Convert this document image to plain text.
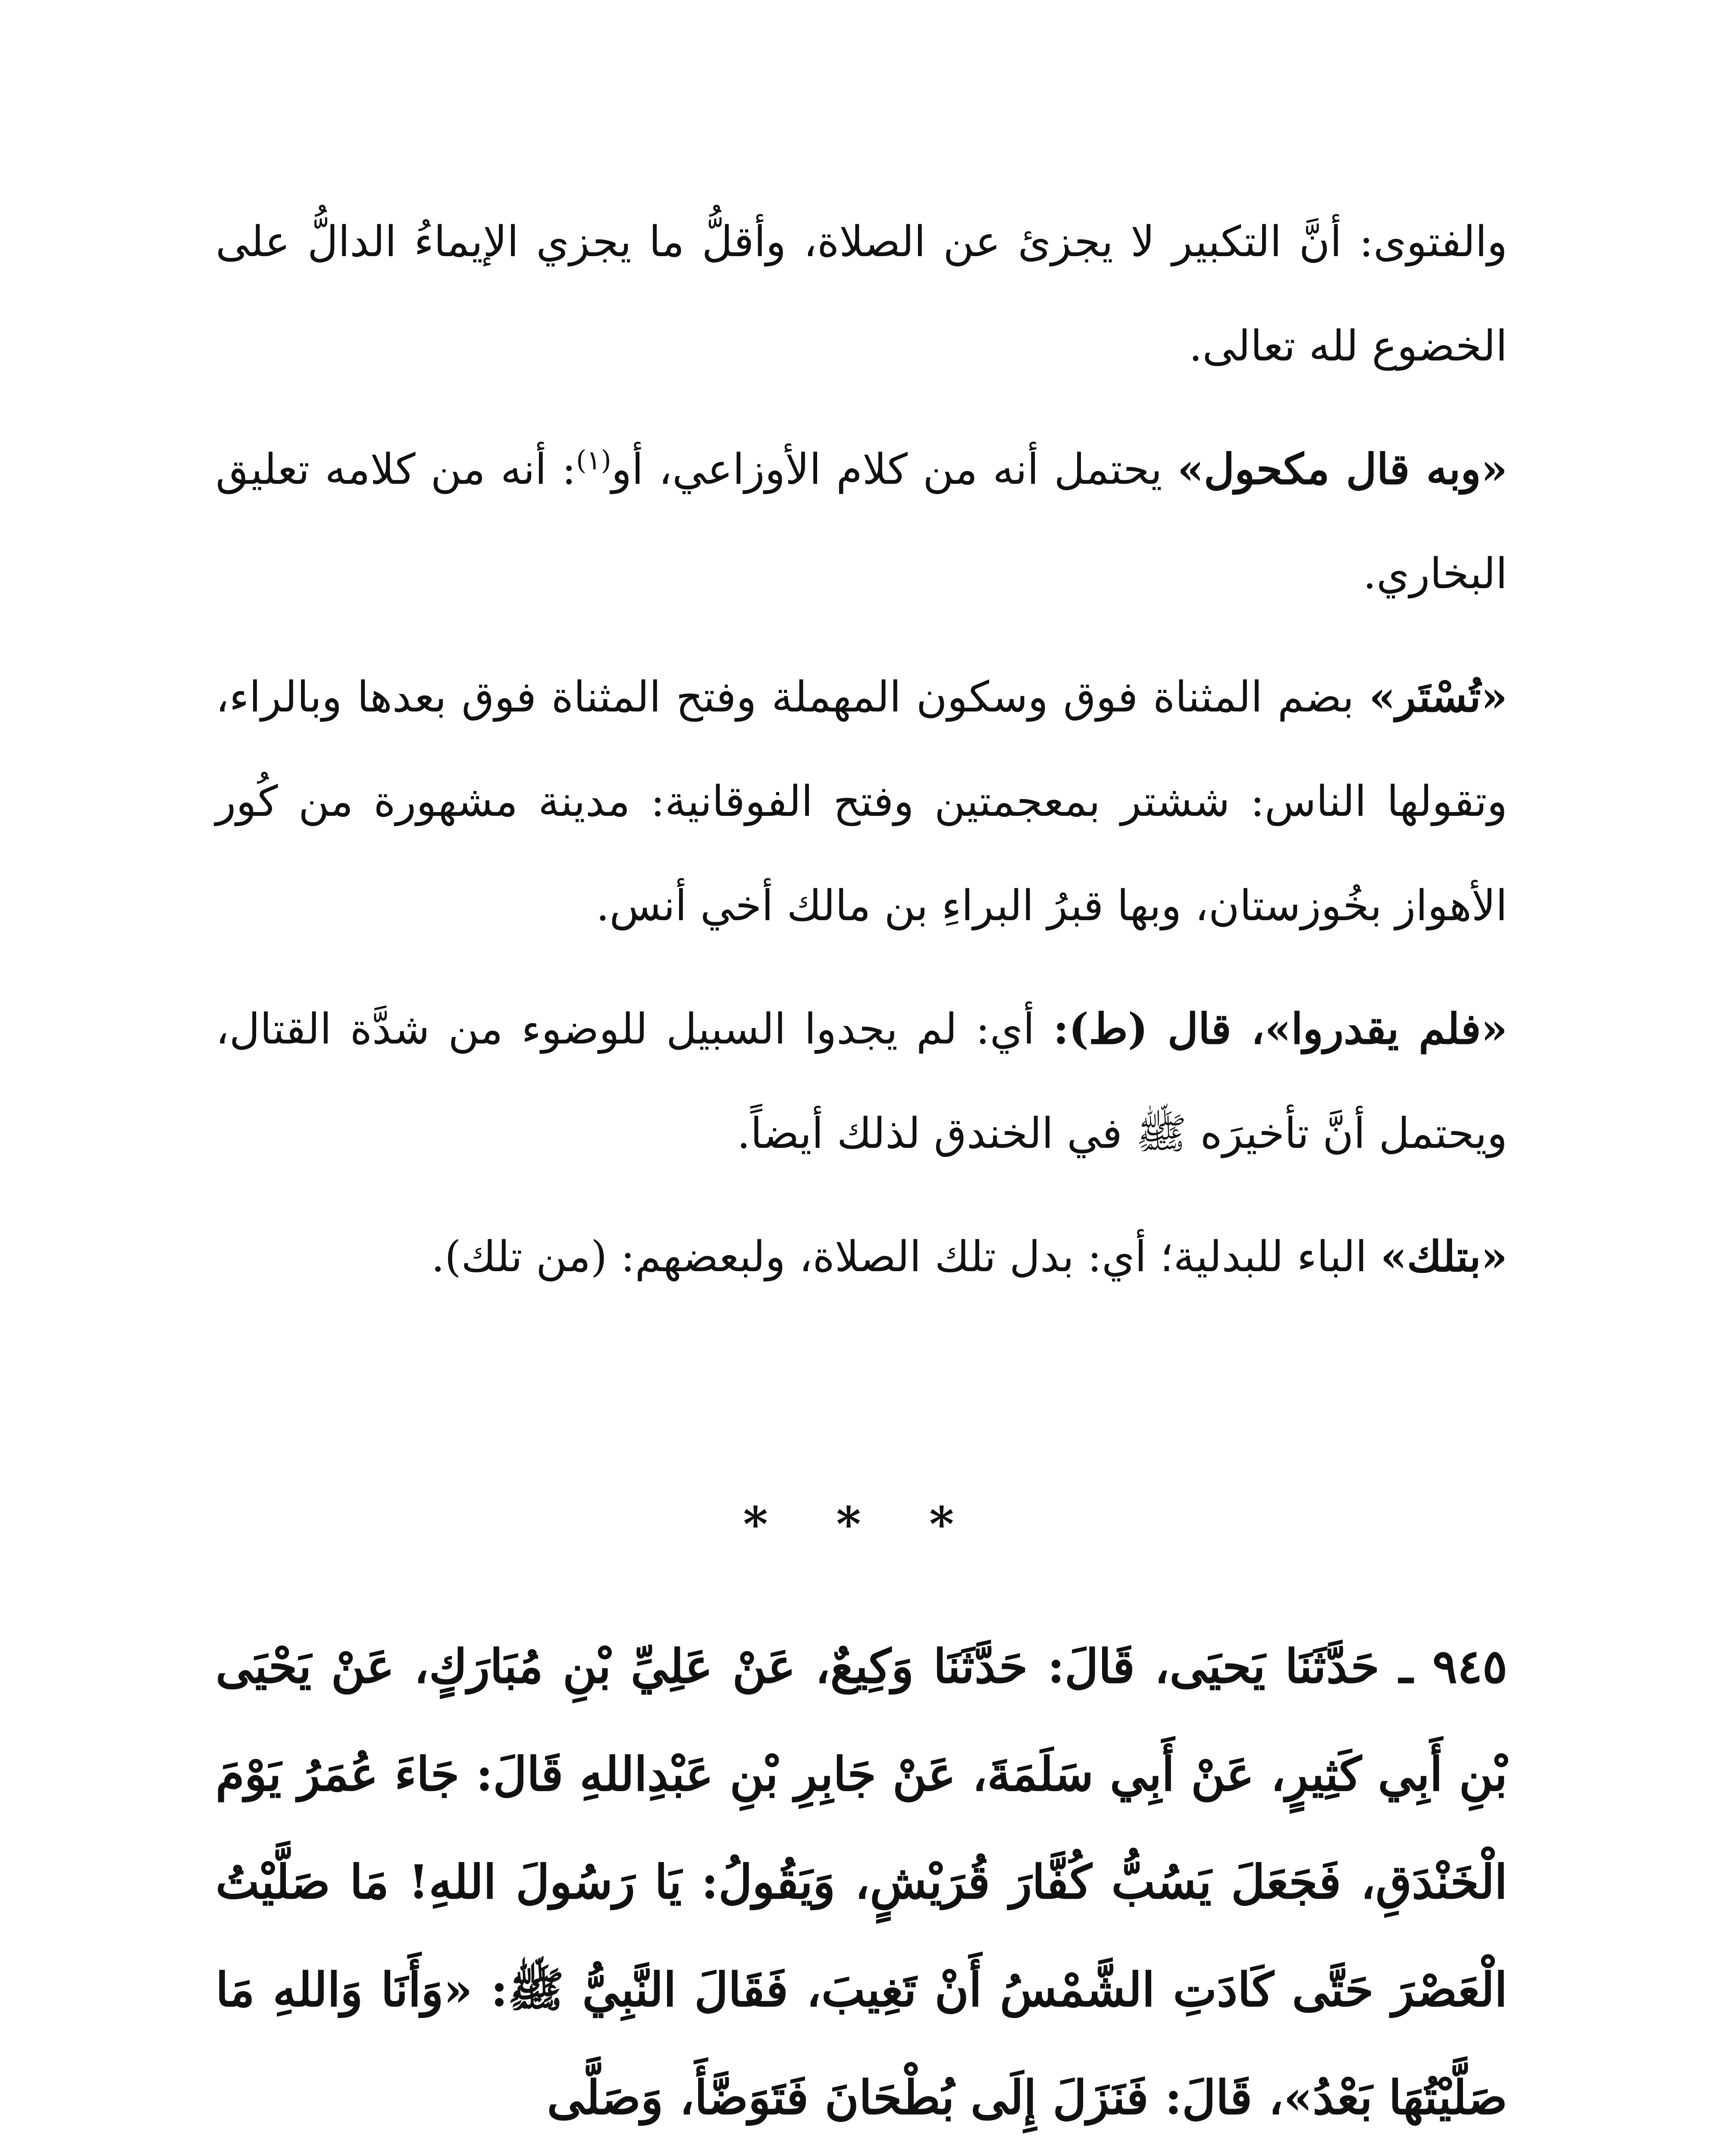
والفتوى: أنَّ التكبير لا يجزئ عن الصلاة، وأقلُّ ما يجزي الإيماءُ الدالُّ على الخضوع لله تعالى.

«وبه قال مكحول» يحتمل أنه من كلام الأوزاعي، أو$^{(١)}$: أنه من كلامه تعليق البخاري.

«تُسْتَر» بضم المثناة فوق وسكون المهملة وفتح المثناة فوق بعدها وبالراء، وتقولها الناس: ششتر بمعجمتين وفتح الفوقانية: مدينة مشهورة من كُور الأهواز بخُوزستان، وبها قبرُ البراءِ بن مالك أخي أنس.

«فلم يقدروا»، قال (ط): أي: لم يجدوا السبيل للوضوء من شدَّة القتال، ويحتمل أنَّ تأخيرَه ﷺ في الخندق لذلك أيضاً.

«بتلك» الباء للبدلية؛ أي: بدل تلك الصلاة، ولبعضهم: (من تلك).

* * *
٩٤٥ ـ حَدَّثَنَا يَحيَى، قَالَ: حَدَّثَنَا وَكِيعٌ، عَنْ عَلِيِّ بْنِ مُبَارَكٍ، عَنْ يَحْيَى بْنِ أَبِي كَثِيرٍ، عَنْ أَبِي سَلَمَةَ، عَنْ جَابِرِ بْنِ عَبْدِاللهِ قَالَ: جَاءَ عُمَرُ يَوْمَ الْخَنْدَقِ، فَجَعَلَ يَسُبُّ كُفَّارَ قُرَيْشٍ، وَيَقُولُ: يَا رَسُولَ اللهِ! مَا صَلَّيْتُ الْعَصْرَ حَتَّى كَادَتِ الشَّمْسُ أَنْ تَغِيبَ، فَقَالَ النَّبِيُّ ﷺ: «وَأَنَا وَاللهِ مَا صَلَّيْتُهَا بَعْدُ»، قَالَ: فَنَزَلَ إِلَى بُطْحَانَ فَتَوَضَّأَ، وَصَلَّى
